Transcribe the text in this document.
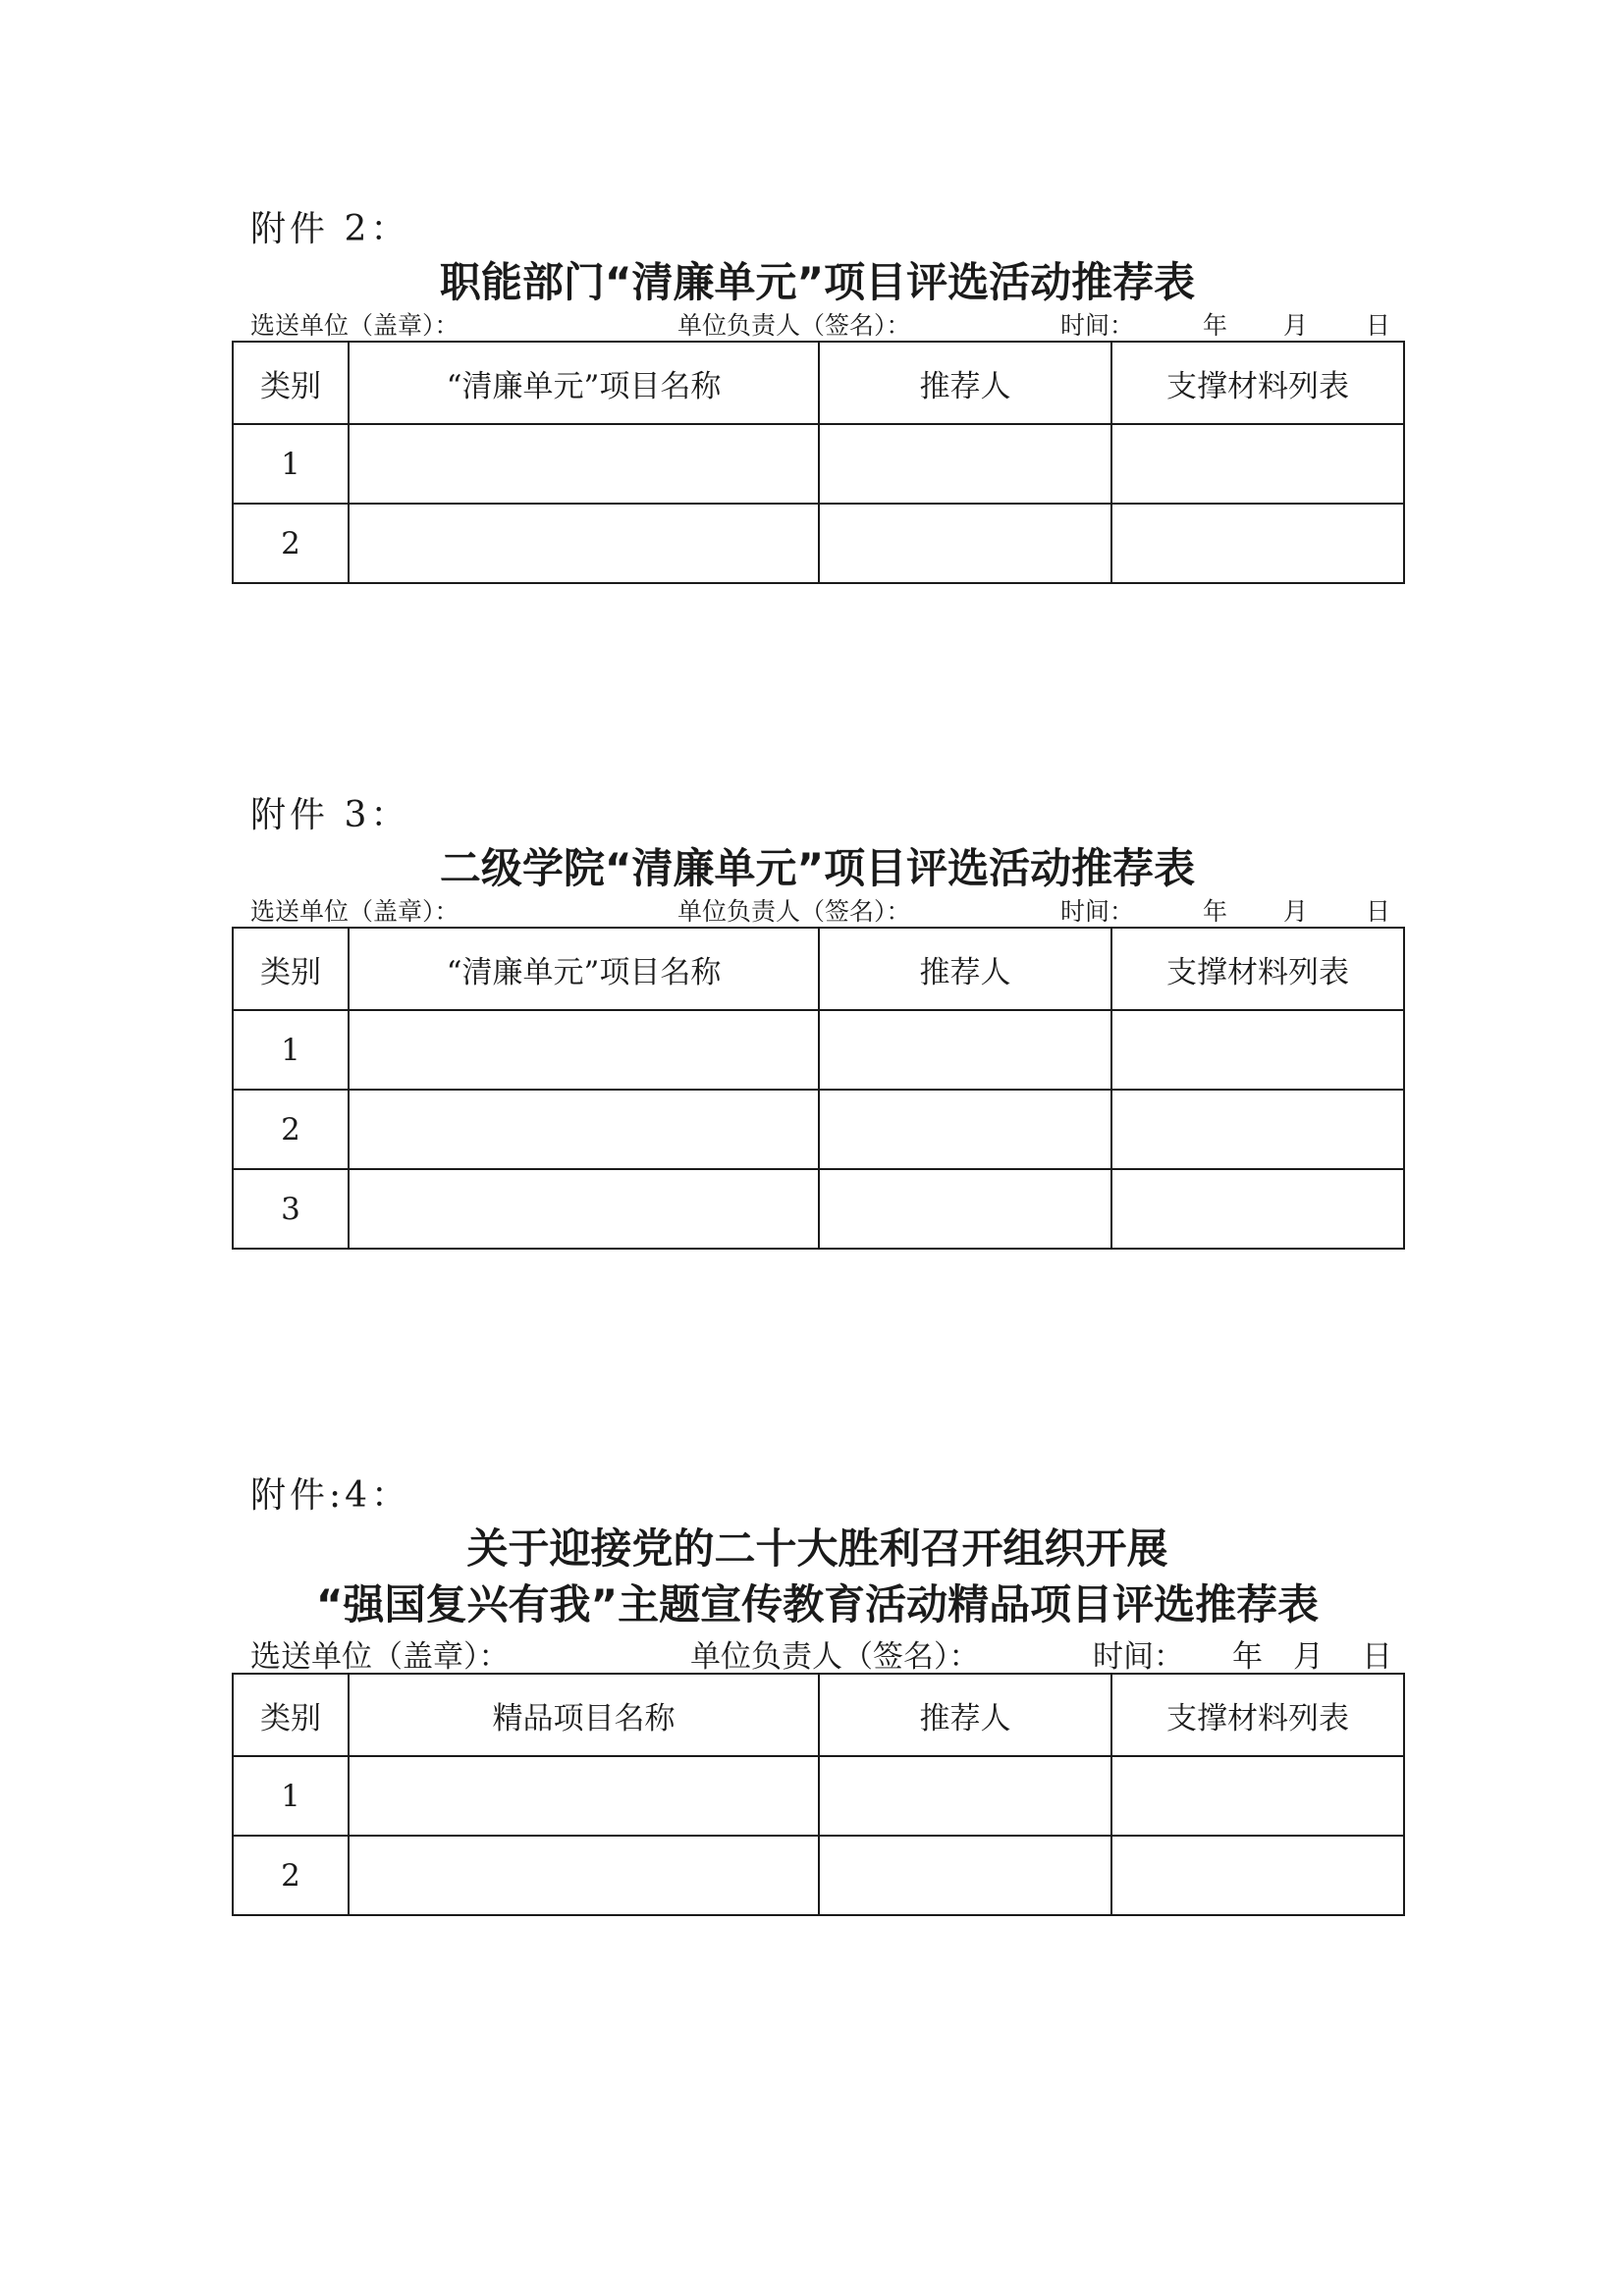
附件 2：
职能部门“清廉单元”项目评选活动推荐表
选送单位（盖章）：	单位负责人（签名）：	时间：	年 月 日
类别	“清廉单元”项目名称	推荐人	支撑材料列表
1			
2			
附件 3：
二级学院“清廉单元”项目评选活动推荐表
选送单位（盖章）：	单位负责人（签名）：	时间：	年 月 日
类别	“清廉单元”项目名称	推荐人	支撑材料列表
1			
2			
3			
附件:4：
关于迎接党的二十大胜利召开组织开展
“强国复兴有我”主题宣传教育活动精品项目评选推荐表
选送单位（盖章）：	单位负责人（签名）：	时间： 年 月 日
类别	精品项目名称	推荐人	支撑材料列表
1			
2			
